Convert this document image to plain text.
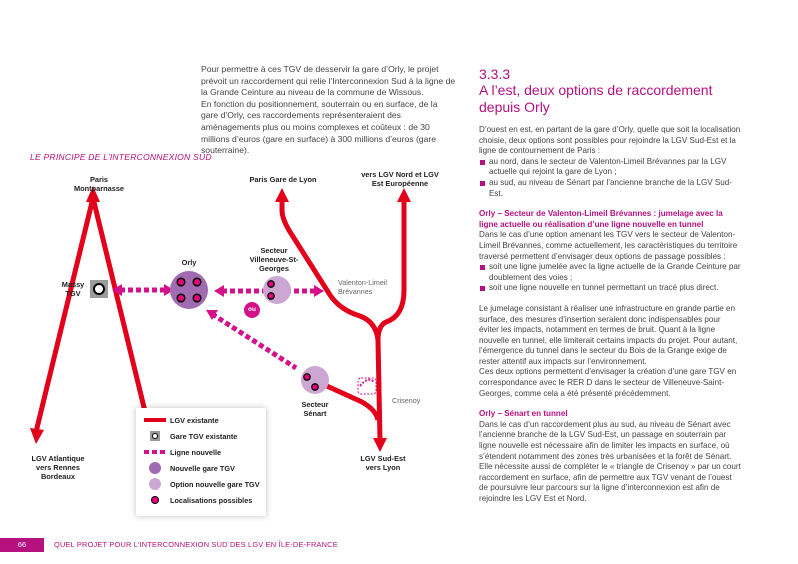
Pour permettre à ces TGV de desservir la gare d’Orly, le projet prévoit un raccordement qui relie l’Interconnexion Sud à la ligne de la Grande Ceinture au niveau de la commune de Wissous.

En fonction du positionnement, souterrain ou en surface, de la gare d’Orly, ces raccordements représenteraient des aménagements plus ou moins complexes et coûteux : de 30 millions d’euros (gare en surface) à 300 millions d’euros (gare souterraine).

LE PRINCIPE DE L’INTERCONNEXION SUD
Paris Montparnasse
Paris Gare de Lyon
vers LGV Nord et LGV Est Européenne
Massy TGV
Orly
Secteur Villeneuve-St-Georges
Valenton-Limeil Brévannes
ou
Secteur Sénart
Crisenoy
LGV Atlantique vers Rennes Bordeaux
LGV Sud-Est vers Lyon
LGV existante
Gare TGV existante
Ligne nouvelle
Nouvelle gare TGV
Option nouvelle gare TGV
Localisations possibles
3.3.3
A l’est, deux options de raccordement depuis Orly

D’ouest en est, en partant de la gare d’Orly, quelle que soit la localisation choisie, deux options sont possibles pour rejoindre la LGV Sud-Est et la ligne de contournement de Paris :

au nord, dans le secteur de Valenton-Limeil Brévannes par la LGV actuelle qui rejoint la gare de Lyon ;
au sud, au niveau de Sénart par l’ancienne branche de la LGV Sud-Est.

Orly – Secteur de Valenton-Limeil Brévannes : jumelage avec la ligne actuelle ou réalisation d’une ligne nouvelle en tunnel

Dans le cas d’une option amenant les TGV vers le secteur de Valenton-Limeil Brévannes, comme actuellement, les caractéristiques du territoire traversé permettent d’envisager deux options de passage possibles :

soit une ligne jumelée avec la ligne actuelle de la Grande Ceinture par doublement des voies ;
soit une ligne nouvelle en tunnel permettant un tracé plus direct.

Le jumelage consistant à réaliser une infrastructure en grande partie en surface, des mesures d’insertion seraient donc indispensables pour éviter les impacts, notamment en termes de bruit. Quant à la ligne nouvelle en tunnel, elle limiterait certains impacts du projet. Pour autant, l’émergence du tunnel dans le secteur du Bois de la Grange exige de rester attentif aux impacts sur l’environnement.

Ces deux options permettent d’envisager la création d’une gare TGV en correspondance avec le RER D dans le secteur de Villeneuve-Saint-Georges, comme cela a été présenté précédemment.

Orly – Sénart en tunnel

Dans le cas d’un raccordement plus au sud, au niveau de Sénart avec l’ancienne branche de la LGV Sud-Est, un passage en souterrain par ligne nouvelle est nécessaire afin de limiter les impacts en surface, où s’étendent notamment des zones très urbanisées et la forêt de Sénart. Elle nécessite aussi de compléter le « triangle de Crisenoy » par un court raccordement en surface, afin de permettre aux TGV venant de l’ouest de poursuivre leur parcours sur la ligne d’interconnexion est afin de rejoindre les LGV Est et Nord.

66	QUEL PROJET POUR L’INTERCONNEXION SUD DES LGV EN ÎLE-DE-FRANCE
